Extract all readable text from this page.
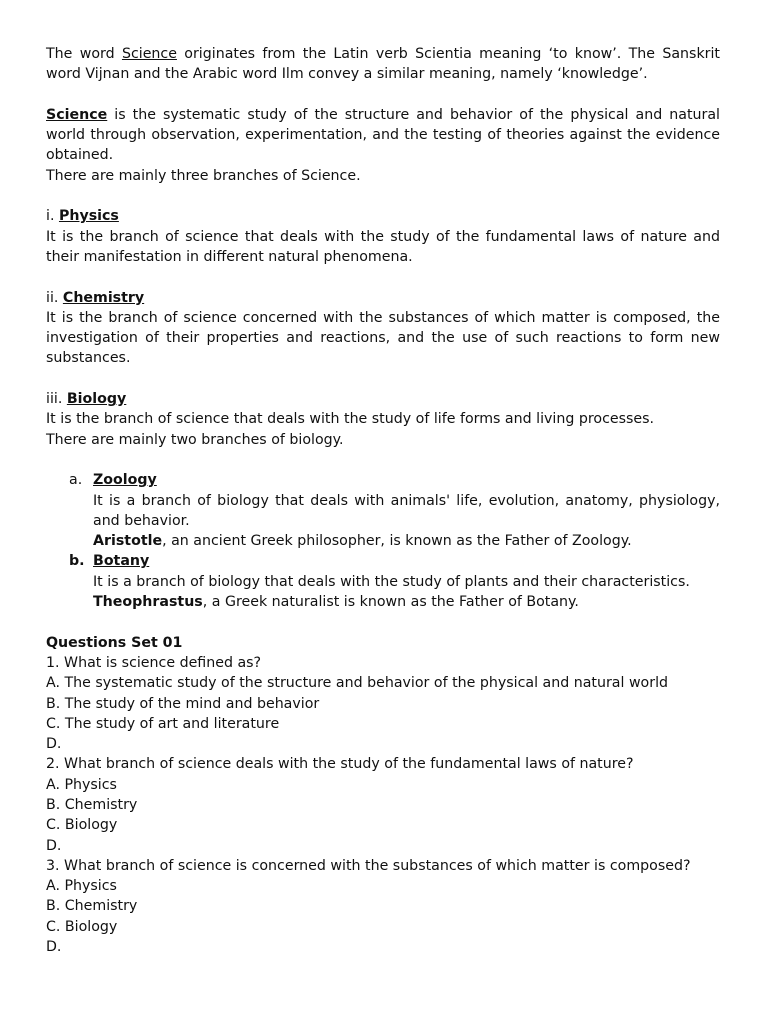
The word Science originates from the Latin verb Scientia meaning ‘to know’. The Sanskrit word Vijnan and the Arabic word Ilm convey a similar meaning, namely ‘knowledge’.

Science is the systematic study of the structure and behavior of the physical and natural world through observation, experimentation, and the testing of theories against the evidence obtained.

There are mainly three branches of Science.

i. Physics

It is the branch of science that deals with the study of the fundamental laws of nature and their manifestation in different natural phenomena.

ii. Chemistry

It is the branch of science concerned with the substances of which matter is composed, the investigation of their properties and reactions, and the use of such reactions to form new substances.

iii. Biology

It is the branch of science that deals with the study of life forms and living processes.

There are mainly two branches of biology.

a. Zoology

It is a branch of biology that deals with animals' life, evolution, anatomy, physiology, and behavior.

Aristotle, an ancient Greek philosopher, is known as the Father of Zoology.

b. Botany

It is a branch of biology that deals with the study of plants and their characteristics.

Theophrastus, a Greek naturalist is known as the Father of Botany.

Questions Set 01

1. What is science defined as?

A. The systematic study of the structure and behavior of the physical and natural world

B. The study of the mind and behavior

C. The study of art and literature

D.

2. What branch of science deals with the study of the fundamental laws of nature?

A. Physics

B. Chemistry

C. Biology

D.

3. What branch of science is concerned with the substances of which matter is composed?

A. Physics

B. Chemistry

C. Biology

D.
